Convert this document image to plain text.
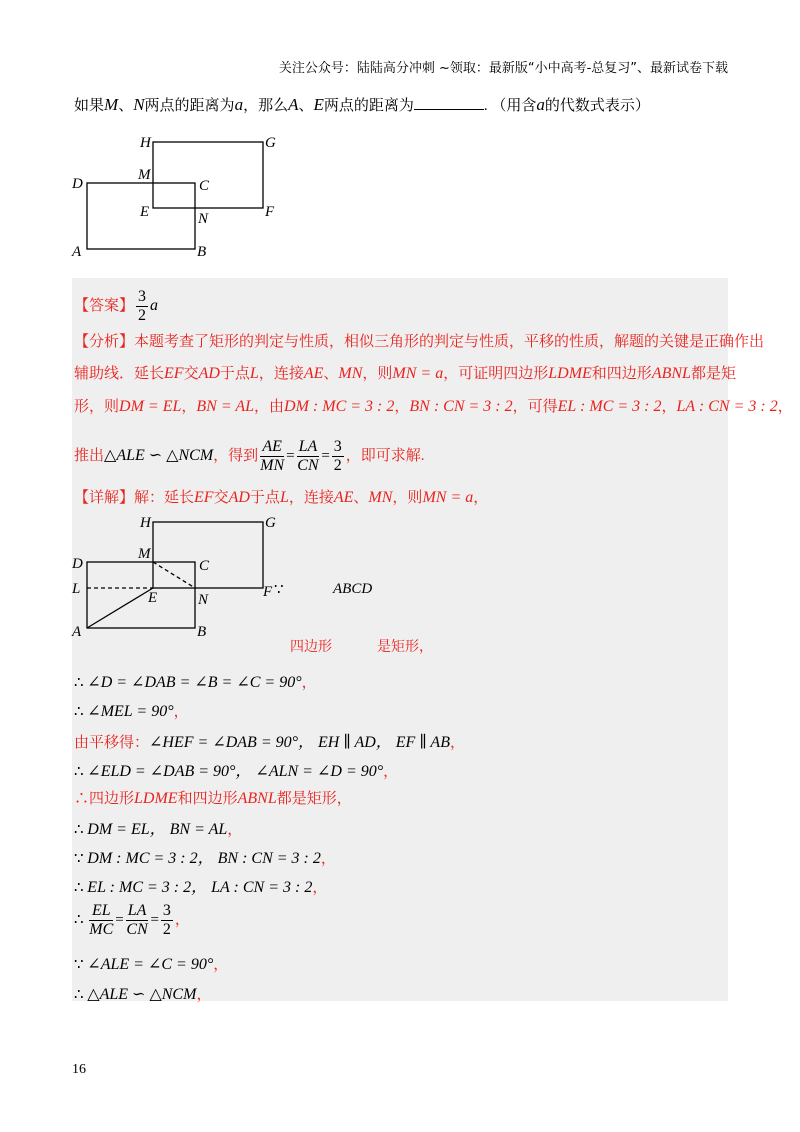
关注公众号：陆陆高分冲刺 ~领取：最新版“小中高考-总复习”、最新试卷下载
如果M、N两点的距离为a，那么A、E两点的距离为	. （用含a的代数式表示）
H	G
D
M
C
E	N	F
A	B
【答案】 $\frac{3}{2}$ a
【分析】本题考查了矩形的判定与性质，相似三角形的判定与性质，平移的性质，解题的关键是正确作出
辅助线．延长EF交AD于点L，连接AE、MN，则MN = a，可证明四边形LDME和四边形ABNL都是矩
形，则DM = EL，BN = AL，由DM : MC = 3 : 2，BN : CN = 3 : 2，可得EL : MC = 3 : 2，LA : CN = 3 : 2，
推出△ALE ∽ △NCM，得到 $\frac{AE}{MN} = \frac{LA}{CN} = \frac{3}{2}$ ，即可求解.
【详解】解：延长EF交AD于点L，连接AE、MN，则MN = a，
H	G
D
M
C
L
E	N	F
A	B
∵	ABCD
四边形	是矩形，
∴ ∠D = ∠DAB = ∠B = ∠C = 90°，
∴ ∠MEL = 90°，
由平移得：∠HEF = ∠DAB = 90°， EH ∥ AD， EF ∥ AB，
∴ ∠ELD = ∠DAB = 90°， ∠ALN = ∠D = 90°，
∴四边形LDME和四边形ABNL都是矩形，
∴ DM = EL， BN = AL，
∵ DM : MC = 3 : 2， BN : CN = 3 : 2，
∴ EL : MC = 3 : 2， LA : CN = 3 : 2，
∴ $\frac{EL}{MC} = \frac{LA}{CN} = \frac{3}{2}$ ，
∵ ∠ALE = ∠C = 90°，
∴ △ALE ∽ △NCM，
16
